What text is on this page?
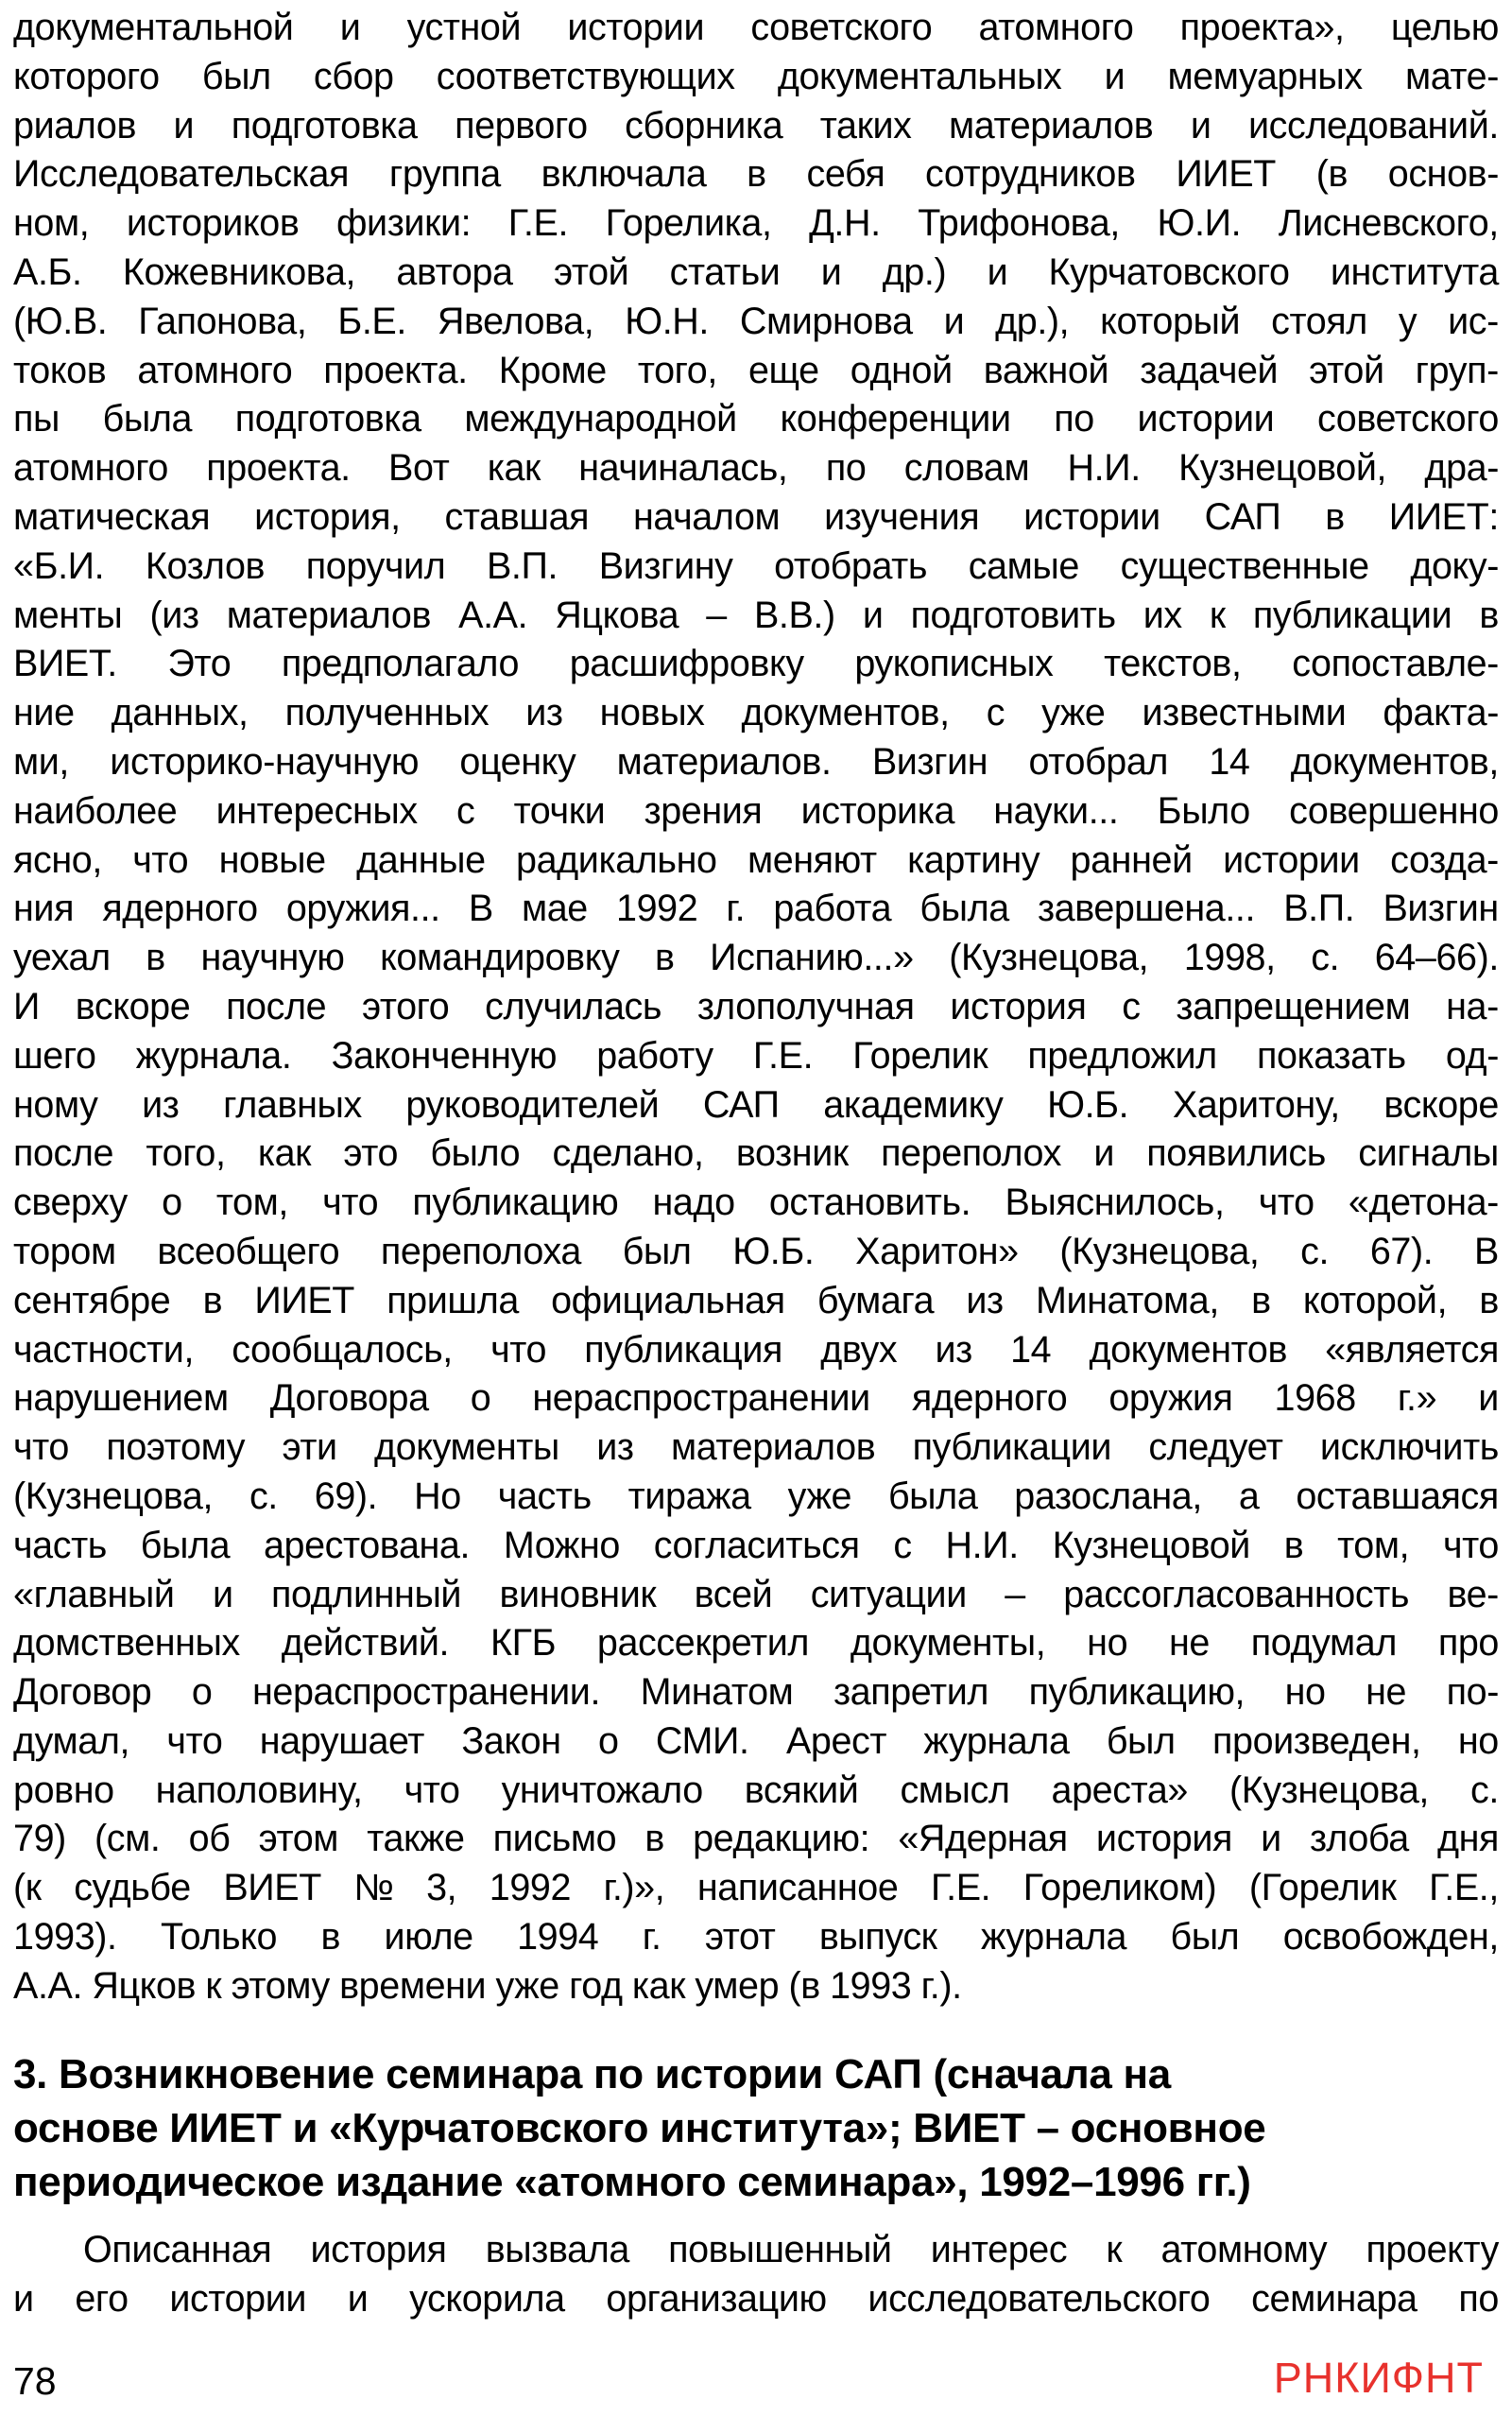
документальной и устной истории советского атомного проекта», целью
которого был сбор соответствующих документальных и мемуарных мате-
риалов и подготовка первого сборника таких материалов и исследований.
Исследовательская группа включала в себя сотрудников ИИЕТ (в основ-
ном, историков физики: Г.Е. Горелика, Д.Н. Трифонова, Ю.И. Лисневского,
А.Б. Кожевникова, автора этой статьи и др.) и Курчатовского института
(Ю.В. Гапонова, Б.Е. Явелова, Ю.Н. Смирнова и др.), который стоял у ис-
токов атомного проекта. Кроме того, еще одной важной задачей этой груп-
пы была подготовка международной конференции по истории советского
атомного проекта. Вот как начиналась, по словам Н.И. Кузнецовой, дра-
матическая история, ставшая началом изучения истории САП в ИИЕТ:
«Б.И. Козлов поручил В.П. Визгину отобрать самые существенные доку-
менты (из материалов А.А. Яцкова – В.В.) и подготовить их к публикации в
ВИЕТ. Это предполагало расшифровку рукописных текстов, сопоставле-
ние данных, полученных из новых документов, с уже известными факта-
ми, историко-научную оценку материалов. Визгин отобрал 14 документов,
наиболее интересных с точки зрения историка науки... Было совершенно
ясно, что новые данные радикально меняют картину ранней истории созда-
ния ядерного оружия... В мае 1992 г. работа была завершена... В.П. Визгин
уехал в научную командировку в Испанию...» (Кузнецова, 1998, с. 64–66).
И вскоре после этого случилась злополучная история с запрещением на-
шего журнала. Законченную работу Г.Е. Горелик предложил показать од-
ному из главных руководителей САП академику Ю.Б. Харитону, вскоре
после того, как это было сделано, возник переполох и появились сигналы
сверху о том, что публикацию надо остановить. Выяснилось, что «детона-
тором всеобщего переполоха был Ю.Б. Харитон» (Кузнецова, с. 67). В
сентябре в ИИЕТ пришла официальная бумага из Минатома, в которой, в
частности, сообщалось, что публикация двух из 14 документов «является
нарушением Договора о нераспространении ядерного оружия 1968 г.» и
что поэтому эти документы из материалов публикации следует исключить
(Кузнецова, с. 69). Но часть тиража уже была разослана, а оставшаяся
часть была арестована. Можно согласиться с Н.И. Кузнецовой в том, что
«главный и подлинный виновник всей ситуации – рассогласованность ве-
домственных действий. КГБ рассекретил документы, но не подумал про
Договор о нераспространении. Минатом запретил публикацию, но не по-
думал, что нарушает Закон о СМИ. Арест журнала был произведен, но
ровно наполовину, что уничтожало всякий смысл ареста» (Кузнецова, с.
79) (см. об этом также письмо в редакцию: «Ядерная история и злоба дня
(к судьбе ВИЕТ № 3, 1992 г.)», написанное Г.Е. Гореликом) (Горелик Г.Е.,
1993). Только в июле 1994 г. этот выпуск журнала был освобожден,
А.А. Яцков к этому времени уже год как умер (в 1993 г.).
3. Возникновение семинара по истории САП (сначала на
основе ИИЕТ и «Курчатовского института»; ВИЕТ – основное
периодическое издание «атомного семинара», 1992–1996 гг.)
Описанная история вызвала повышенный интерес к атомному проекту
и его истории и ускорила организацию исследовательского семинара по
78	РНКИФНТ
